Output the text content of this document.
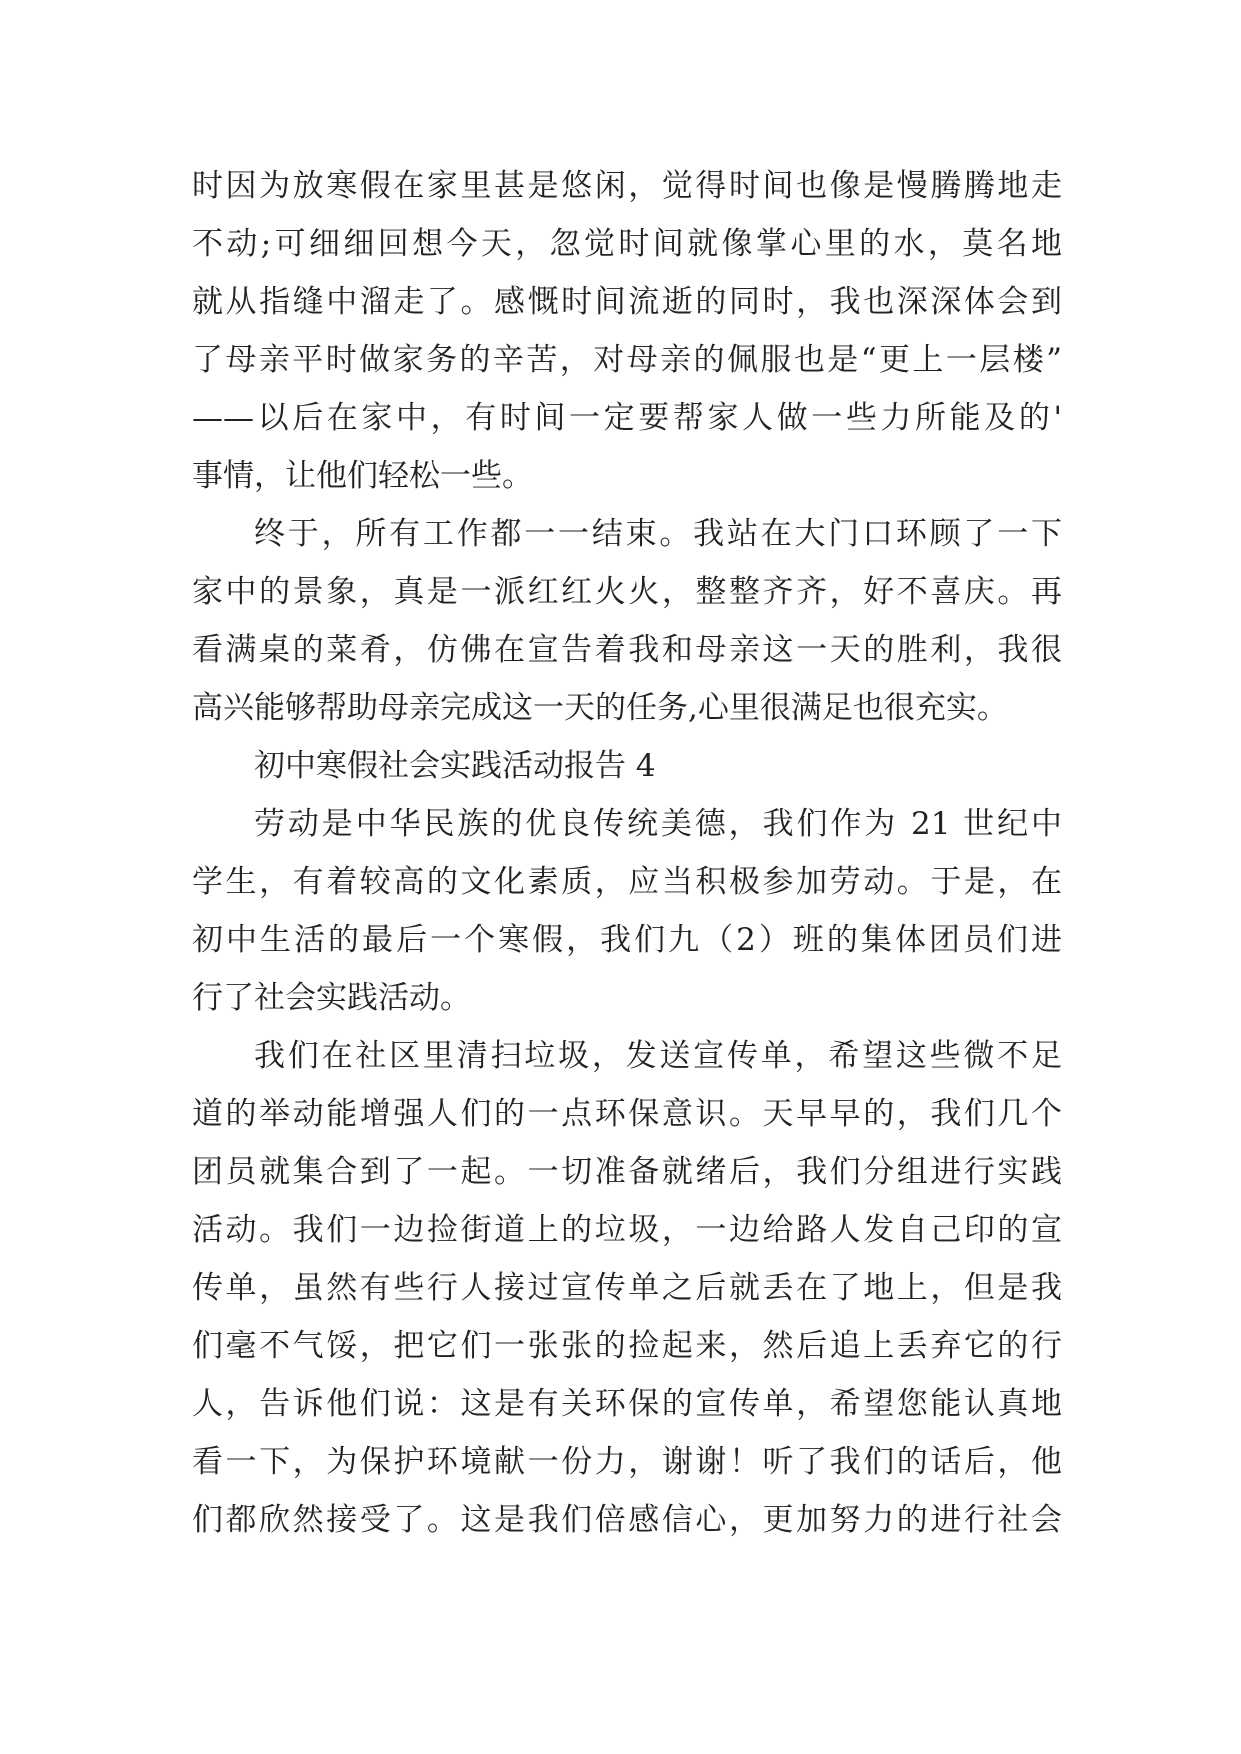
时因为放寒假在家里甚是悠闲，觉得时间也像是慢腾腾地走
不动;可细细回想今天，忽觉时间就像掌心里的水，莫名地
就从指缝中溜走了。感慨时间流逝的同时，我也深深体会到
了母亲平时做家务的辛苦，对母亲的佩服也是“更上一层楼”
——以后在家中，有时间一定要帮家人做一些力所能及的'
事情，让他们轻松一些。
终于，所有工作都一一结束。我站在大门口环顾了一下
家中的景象，真是一派红红火火，整整齐齐，好不喜庆。再
看满桌的菜肴，仿佛在宣告着我和母亲这一天的胜利，我很
高兴能够帮助母亲完成这一天的任务,心里很满足也很充实。
初中寒假社会实践活动报告 4
劳动是中华民族的优良传统美德，我们作为 21 世纪中
学生，有着较高的文化素质，应当积极参加劳动。于是，在
初中生活的最后一个寒假，我们九（2）班的集体团员们进
行了社会实践活动。
我们在社区里清扫垃圾，发送宣传单，希望这些微不足
道的举动能增强人们的一点环保意识。天早早的，我们几个
团员就集合到了一起。一切准备就绪后，我们分组进行实践
活动。我们一边捡街道上的垃圾，一边给路人发自己印的宣
传单，虽然有些行人接过宣传单之后就丢在了地上，但是我
们毫不气馁，把它们一张张的捡起来，然后追上丢弃它的行
人，告诉他们说：这是有关环保的宣传单，希望您能认真地
看一下，为保护环境献一份力，谢谢！听了我们的话后，他
们都欣然接受了。这是我们倍感信心，更加努力的进行社会
